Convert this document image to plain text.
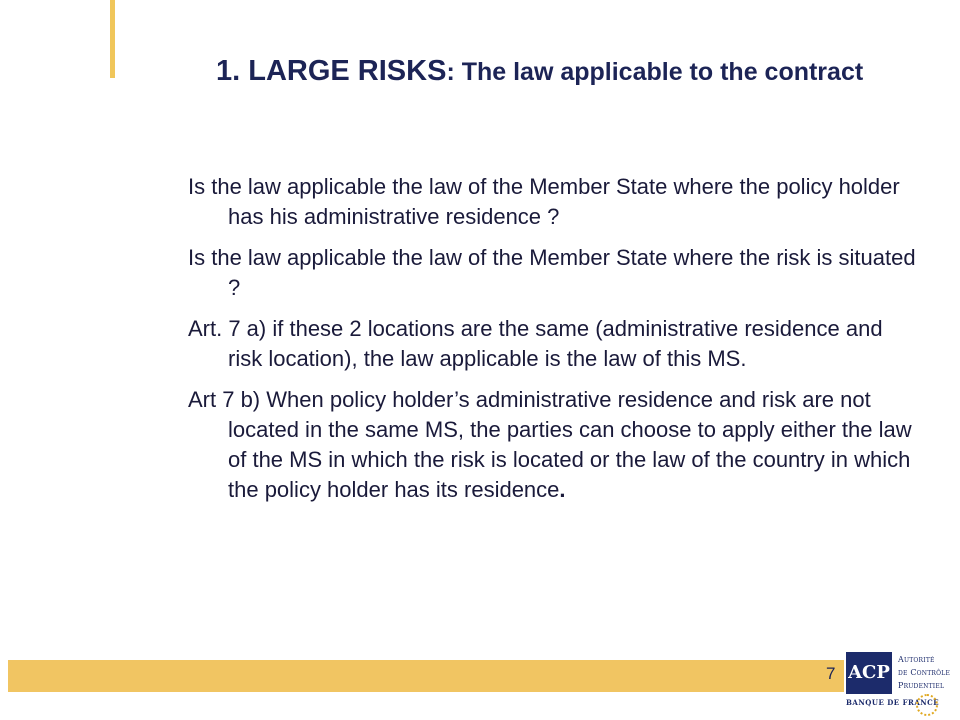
1. LARGE RISKS: The law applicable to the contract

Is the law applicable the law of the Member State where the policy holder has his administrative residence ?

Is the law applicable the law of the Member State where the risk is situated ?

Art. 7 a) if these 2 locations are the same (administrative residence and risk location), the law applicable is the law of this MS.

Art 7 b) When policy holder’s administrative residence and risk are not located in the same MS, the parties can choose to apply either the law of the MS in which the risk is located or the law of the country in which the policy holder has its residence.

7 ACP
Autorité
de Contrôle
Prudentiel
BANQUE DE FRANCE
